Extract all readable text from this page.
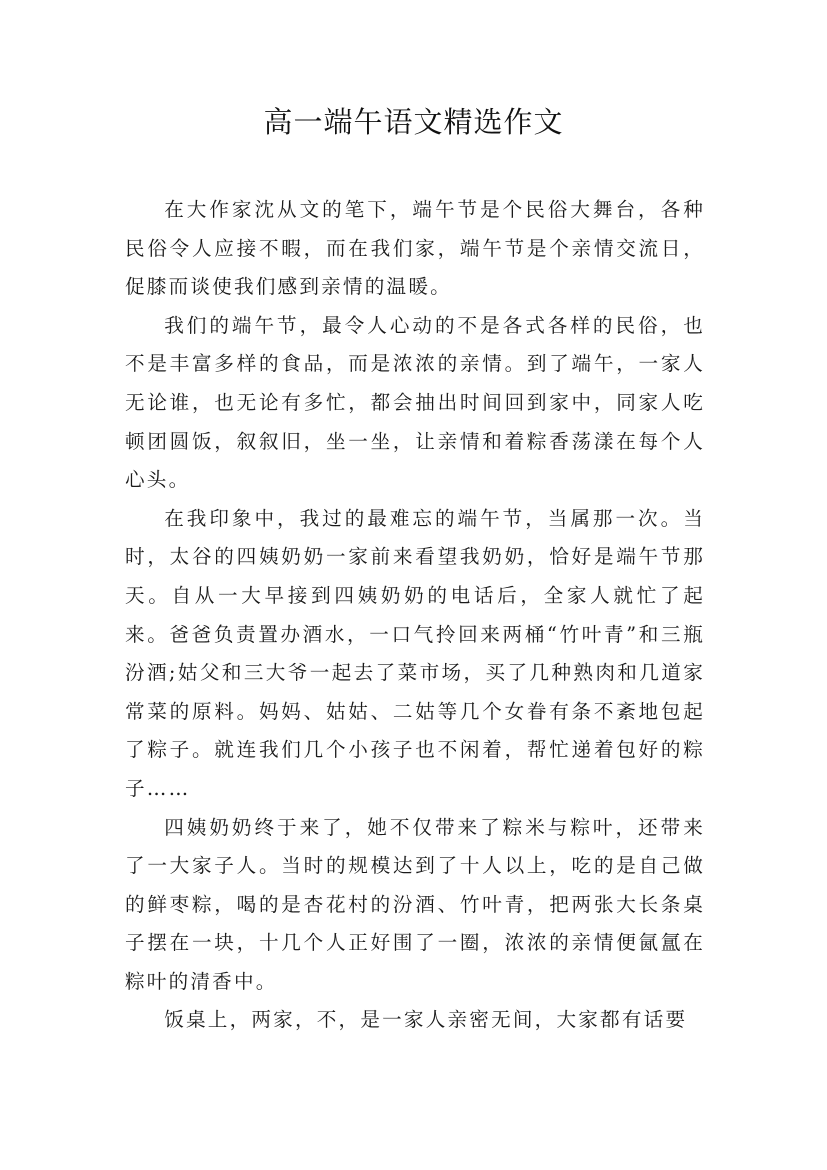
高一端午语文精选作文

在大作家沈从文的笔下，端午节是个民俗大舞台，各种民俗令人应接不暇，而在我们家，端午节是个亲情交流日，促膝而谈使我们感到亲情的温暖。

我们的端午节，最令人心动的不是各式各样的民俗，也不是丰富多样的食品，而是浓浓的亲情。到了端午，一家人无论谁，也无论有多忙，都会抽出时间回到家中，同家人吃顿团圆饭，叙叙旧，坐一坐，让亲情和着粽香荡漾在每个人心头。

在我印象中，我过的最难忘的端午节，当属那一次。当时，太谷的四姨奶奶一家前来看望我奶奶，恰好是端午节那天。自从一大早接到四姨奶奶的电话后，全家人就忙了起来。爸爸负责置办酒水，一口气拎回来两桶“竹叶青”和三瓶汾酒;姑父和三大爷一起去了菜市场，买了几种熟肉和几道家常菜的原料。妈妈、姑姑、二姑等几个女眷有条不紊地包起了粽子。就连我们几个小孩子也不闲着，帮忙递着包好的粽子……

四姨奶奶终于来了，她不仅带来了粽米与粽叶，还带来了一大家子人。当时的规模达到了十人以上，吃的是自己做的鲜枣粽，喝的是杏花村的汾酒、竹叶青，把两张大长条桌子摆在一块，十几个人正好围了一圈，浓浓的亲情便氤氲在粽叶的清香中。

饭桌上，两家，不，是一家人亲密无间，大家都有话要
